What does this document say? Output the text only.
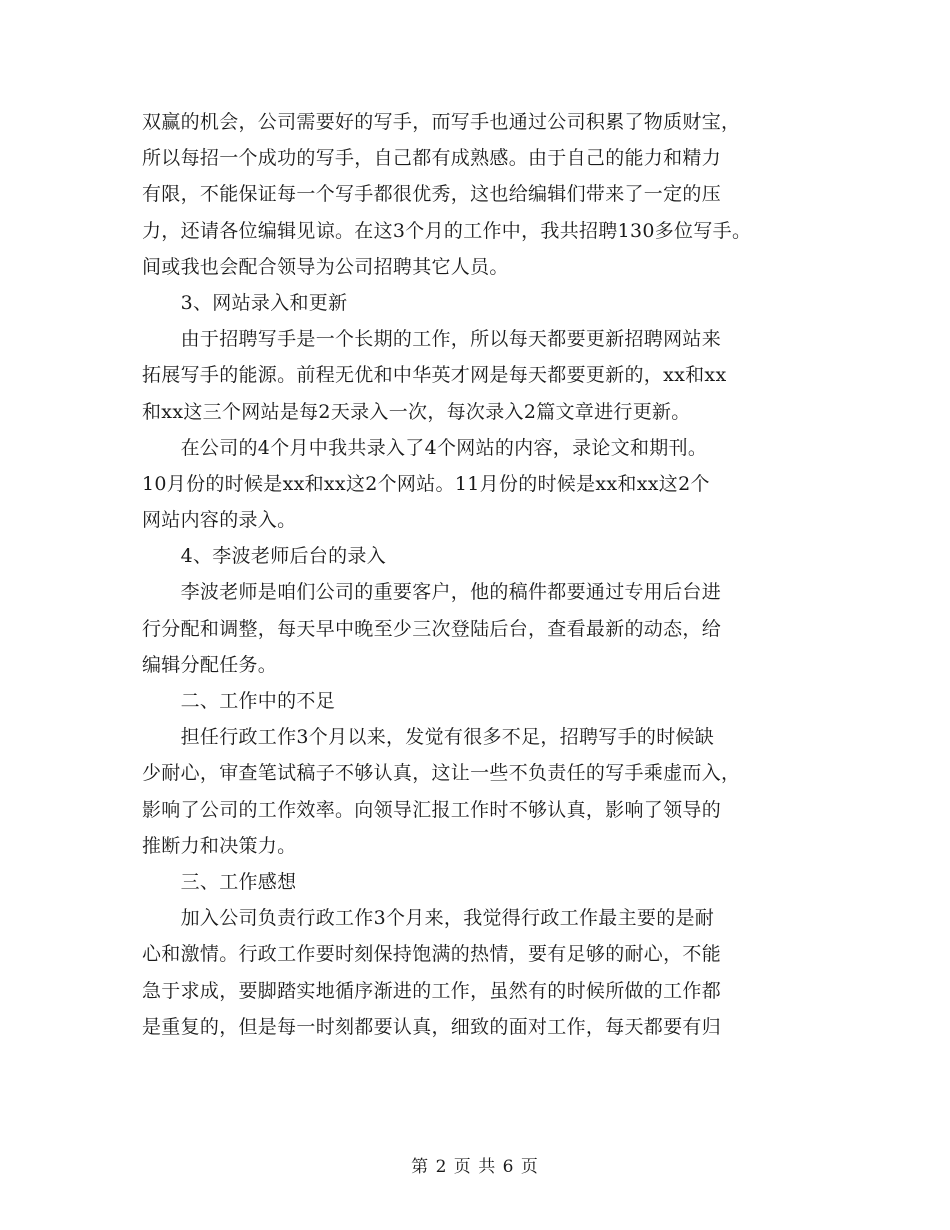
双赢的机会，公司需要好的写手，而写手也通过公司积累了物质财宝，
所以每招一个成功的写手，自己都有成熟感。由于自己的能力和精力
有限，不能保证每一个写手都很优秀，这也给编辑们带来了一定的压
力，还请各位编辑见谅。在这3个月的工作中，我共招聘130多位写手。
间或我也会配合领导为公司招聘其它人员。
　　3、网站录入和更新
　　由于招聘写手是一个长期的工作，所以每天都要更新招聘网站来
拓展写手的能源。前程无优和中华英才网是每天都要更新的，xx和xx
和xx这三个网站是每2天录入一次，每次录入2篇文章进行更新。
　　在公司的4个月中我共录入了4个网站的内容，录论文和期刊。
10月份的时候是xx和xx这2个网站。11月份的时候是xx和xx这2个
网站内容的录入。
　　4、李波老师后台的录入
　　李波老师是咱们公司的重要客户，他的稿件都要通过专用后台进
行分配和调整，每天早中晚至少三次登陆后台，查看最新的动态，给
编辑分配任务。
　　二、工作中的不足
　　担任行政工作3个月以来，发觉有很多不足，招聘写手的时候缺
少耐心，审查笔试稿子不够认真，这让一些不负责任的写手乘虚而入，
影响了公司的工作效率。向领导汇报工作时不够认真，影响了领导的
推断力和决策力。
　　三、工作感想
　　加入公司负责行政工作3个月来，我觉得行政工作最主要的是耐
心和激情。行政工作要时刻保持饱满的热情，要有足够的耐心，不能
急于求成，要脚踏实地循序渐进的工作，虽然有的时候所做的工作都
是重复的，但是每一时刻都要认真，细致的面对工作，每天都要有归
第 2 页 共 6 页
